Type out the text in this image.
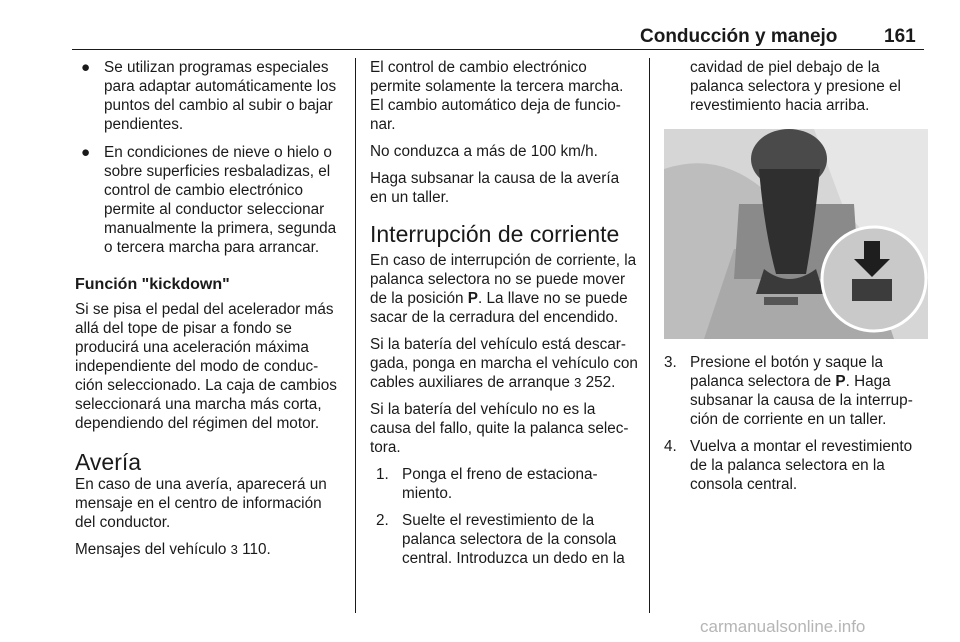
Conducción y manejo 161
● Se utilizan programas especiales para adaptar automáticamente los puntos del cambio al subir o bajar pendientes.
● En condiciones de nieve o hielo o sobre superficies resbaladizas, el control de cambio electrónico permite al conductor seleccionar manualmente la primera, segunda o tercera marcha para arrancar.

Función "kickdown"

Si se pisa el pedal del acelerador más allá del tope de pisar a fondo se producirá una aceleración máxima independiente del modo de conduc-ción seleccionado. La caja de cambios seleccionará una marcha más corta, dependiendo del régimen del motor.

Avería

En caso de una avería, aparecerá un mensaje en el centro de información del conductor.

Mensajes del vehículo 3 110.

El control de cambio electrónico permite solamente la tercera marcha. El cambio automático deja de funcio-nar.

No conduzca a más de 100 km/h.

Haga subsanar la causa de la avería en un taller.

Interrupción de corriente

En caso de interrupción de corriente, la palanca selectora no se puede mover de la posición P. La llave no se puede sacar de la cerradura del encendido.

Si la batería del vehículo está descar-gada, ponga en marcha el vehículo con cables auxiliares de arranque 3 252.

Si la batería del vehículo no es la causa del fallo, quite la palanca selec-tora.

1. Ponga el freno de estaciona-miento.
2. Suelte el revestimiento de la palanca selectora de la consola central. Introduzca un dedo en la

cavidad de piel debajo de la palanca selectora y presione el revestimiento hacia arriba.

3. Presione el botón y saque la palanca selectora de P. Haga subsanar la causa de la interrup-ción de corriente en un taller.
4. Vuelva a montar el revestimiento de la palanca selectora en la consola central.
carmanualsonline.info
